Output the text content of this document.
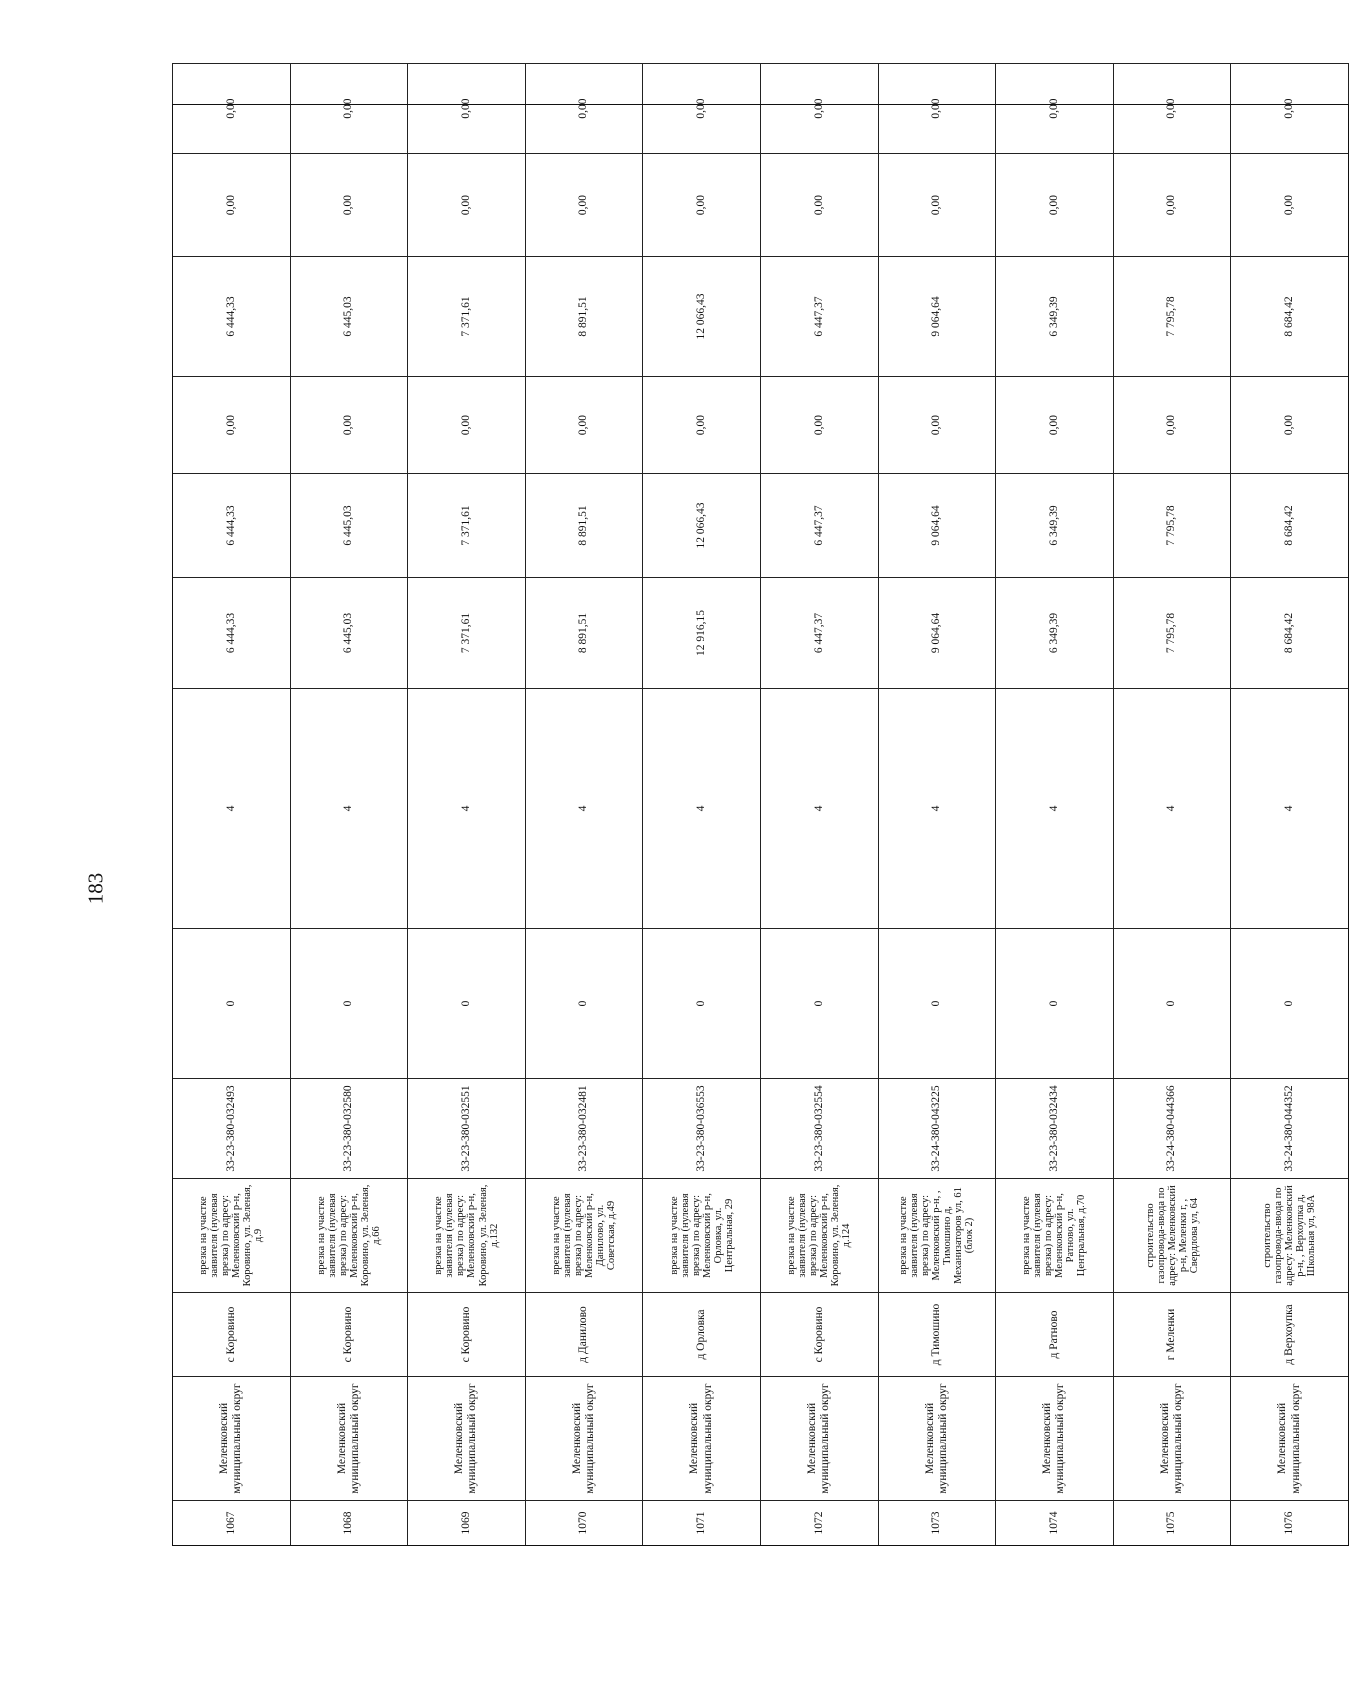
183
1067	Меленковский муниципальный округ	с Коровино	врезка на участке заявителя (нулевая врезка) по адресу: Меленковский р-н, Коровино, ул. Зеленая, д.9	33-23-380-032493	0	4	6 444,33	6 444,33	0,00	6 444,33	0,00	0,00
1068	Меленковский муниципальный округ	с Коровино	врезка на участке заявителя (нулевая врезка) по адресу: Меленковский р-н, Коровино, ул. Зеленая, д.66	33-23-380-032580	0	4	6 445,03	6 445,03	0,00	6 445,03	0,00	0,00
1069	Меленковский муниципальный округ	с Коровино	врезка на участке заявителя (нулевая врезка) по адресу: Меленковский р-н, Коровино, ул. Зеленая, д.132	33-23-380-032551	0	4	7 371,61	7 371,61	0,00	7 371,61	0,00	0,00
1070	Меленковский муниципальный округ	д Данилово	врезка на участке заявителя (нулевая врезка) по адресу: Меленковский р-н, Данилово, ул. Советская, д.49	33-23-380-032481	0	4	8 891,51	8 891,51	0,00	8 891,51	0,00	0,00
1071	Меленковский муниципальный округ	д Орловка	врезка на участке заявителя (нулевая врезка) по адресу: Меленковский р-н, Орловка, ул. Центральная, 29	33-23-380-036553	0	4	12 916,15	12 066,43	0,00	12 066,43	0,00	0,00
1072	Меленковский муниципальный округ	с Коровино	врезка на участке заявителя (нулевая врезка) по адресу: Меленковский р-н, Коровино, ул. Зеленая, д.124	33-23-380-032554	0	4	6 447,37	6 447,37	0,00	6 447,37	0,00	0,00
1073	Меленковский муниципальный округ	д Тимошино	врезка на участке заявителя (нулевая врезка) по адресу: Меленковский р-н, , Тимошино д, Механизаторов ул, 61 (блок 2)	33-24-380-043225	0	4	9 064,64	9 064,64	0,00	9 064,64	0,00	0,00
1074	Меленковский муниципальный округ	д Ратново	врезка на участке заявителя (нулевая врезка) по адресу: Меленковский р-н, Ратново, ул. Центральная, д.70	33-23-380-032434	0	4	6 349,39	6 349,39	0,00	6 349,39	0,00	0,00
1075	Меленковский муниципальный округ	г Меленки	строительство газопровода-ввода по адресу: Меленковский р-н, Меленки г, , Свердлова ул, 64	33-24-380-044366	0	4	7 795,78	7 795,78	0,00	7 795,78	0,00	0,00
1076	Меленковский муниципальный округ	д Верхоупка	строительство газопровода-ввода по адресу: Меленковский р-н, , Верхоупка д, Школьная ул, 98А	33-24-380-044352	0	4	8 684,42	8 684,42	0,00	8 684,42	0,00	0,00
